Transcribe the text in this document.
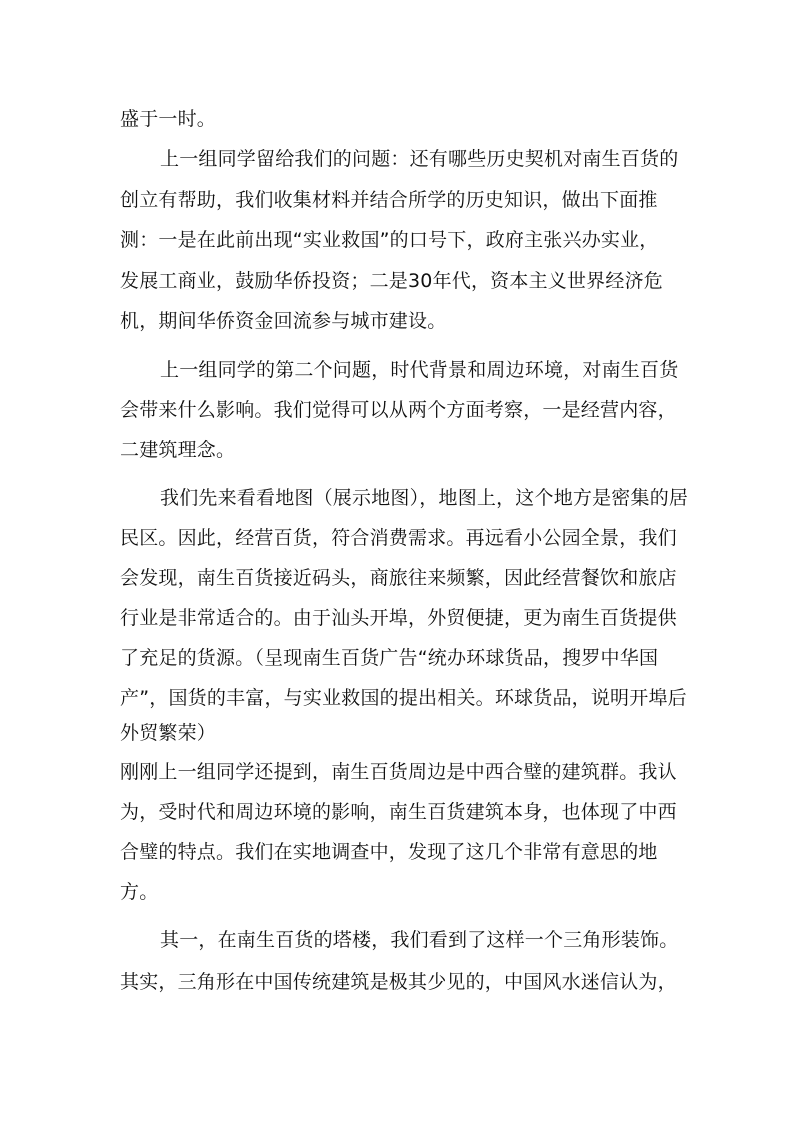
盛于一时。

上一组同学留给我们的问题：还有哪些历史契机对南生百货的

创立有帮助，我们收集材料并结合所学的历史知识，做出下面推

测：一是在此前出现“实业救国”的口号下，政府主张兴办实业，

发展工商业，鼓励华侨投资；二是30年代，资本主义世界经济危

机，期间华侨资金回流参与城市建设。

上一组同学的第二个问题，时代背景和周边环境，对南生百货

会带来什么影响。我们觉得可以从两个方面考察，一是经营内容，

二建筑理念。

我们先来看看地图（展示地图），地图上，这个地方是密集的居

民区。因此，经营百货，符合消费需求。再远看小公园全景，我们

会发现，南生百货接近码头，商旅往来频繁，因此经营餐饮和旅店

行业是非常适合的。由于汕头开埠，外贸便捷，更为南生百货提供

了充足的货源。（呈现南生百货广告“统办环球货品，搜罗中华国

产”，国货的丰富，与实业救国的提出相关。环球货品，说明开埠后

外贸繁荣）

刚刚上一组同学还提到，南生百货周边是中西合璧的建筑群。我认

为，受时代和周边环境的影响，南生百货建筑本身，也体现了中西

合璧的特点。我们在实地调查中，发现了这几个非常有意思的地

方。

其一，在南生百货的塔楼，我们看到了这样一个三角形装饰。

其实，三角形在中国传统建筑是极其少见的，中国风水迷信认为，
